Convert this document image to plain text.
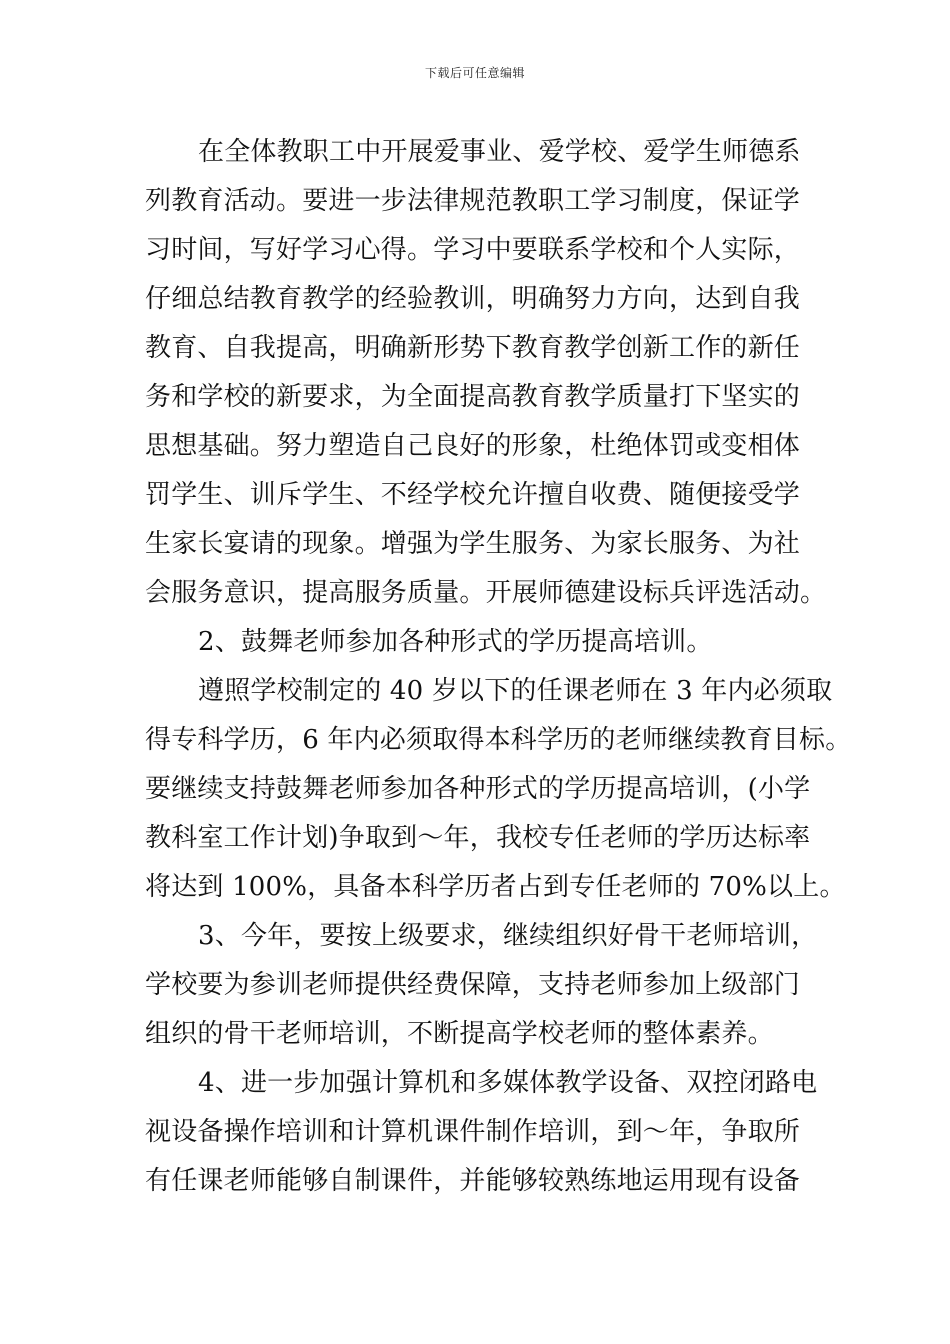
下载后可任意编辑
在全体教职工中开展爱事业、爱学校、爱学生师德系
列教育活动。要进一步法律规范教职工学习制度，保证学
习时间，写好学习心得。学习中要联系学校和个人实际，
仔细总结教育教学的经验教训，明确努力方向，达到自我
教育、自我提高，明确新形势下教育教学创新工作的新任
务和学校的新要求，为全面提高教育教学质量打下坚实的
思想基础。努力塑造自己良好的形象，杜绝体罚或变相体
罚学生、训斥学生、不经学校允许擅自收费、随便接受学
生家长宴请的现象。增强为学生服务、为家长服务、为社
会服务意识，提高服务质量。开展师德建设标兵评选活动。
2、鼓舞老师参加各种形式的学历提高培训。
遵照学校制定的 40 岁以下的任课老师在 3 年内必须取
得专科学历，6 年内必须取得本科学历的老师继续教育目标。
要继续支持鼓舞老师参加各种形式的学历提高培训，(小学
教科室工作计划)争取到～年，我校专任老师的学历达标率
将达到 100%，具备本科学历者占到专任老师的 70%以上。
3、今年，要按上级要求，继续组织好骨干老师培训，
学校要为参训老师提供经费保障，支持老师参加上级部门
组织的骨干老师培训，不断提高学校老师的整体素养。
4、进一步加强计算机和多媒体教学设备、双控闭路电
视设备操作培训和计算机课件制作培训，到～年，争取所
有任课老师能够自制课件，并能够较熟练地运用现有设备
